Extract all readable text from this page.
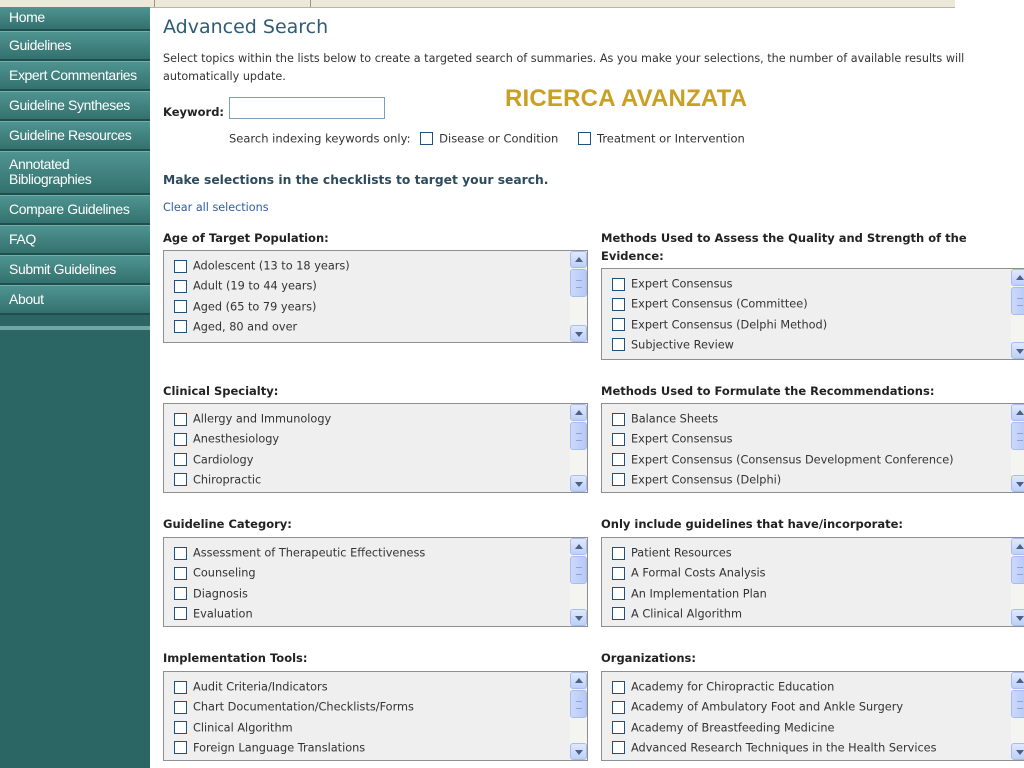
Home
Guidelines
Expert Commentaries
Guideline Syntheses
Guideline Resources
Annotated Bibliographies
Compare Guidelines
FAQ
Submit Guidelines
About
Advanced Search
Select topics within the lists below to create a targeted search of summaries. As you make your selections, the number of available results will automatically update.
Keyword:	RICERCA AVANZATA
Search indexing keywords only: Disease or Condition	Treatment or Intervention
Make selections in the checklists to target your search.
Clear all selections
Age of Target Population:
Adolescent (13 to 18 years)
Adult (19 to 44 years)
Aged (65 to 79 years)
Aged, 80 and over
Methods Used to Assess the Quality and Strength of the Evidence:
Expert Consensus
Expert Consensus (Committee)
Expert Consensus (Delphi Method)
Subjective Review
Clinical Specialty:
Allergy and Immunology
Anesthesiology
Cardiology
Chiropractic
Methods Used to Formulate the Recommendations:
Balance Sheets
Expert Consensus
Expert Consensus (Consensus Development Conference)
Expert Consensus (Delphi)
Guideline Category:
Assessment of Therapeutic Effectiveness
Counseling
Diagnosis
Evaluation
Only include guidelines that have/incorporate:
Patient Resources
A Formal Costs Analysis
An Implementation Plan
A Clinical Algorithm
Implementation Tools:
Audit Criteria/Indicators
Chart Documentation/Checklists/Forms
Clinical Algorithm
Foreign Language Translations
Organizations:
Academy for Chiropractic Education
Academy of Ambulatory Foot and Ankle Surgery
Academy of Breastfeeding Medicine
Advanced Research Techniques in the Health Services
